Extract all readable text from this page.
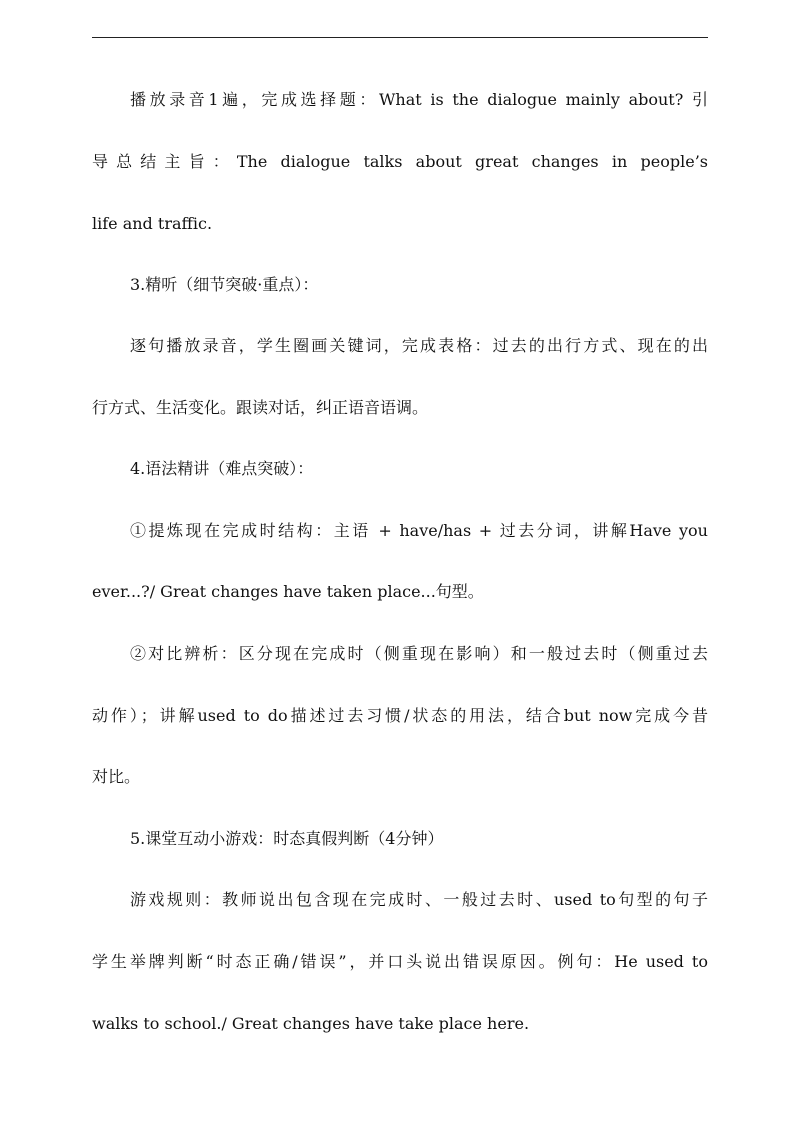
播放录音1遍，完成选择题：What is the dialogue mainly about? 引
导总结主旨：The dialogue talks about great changes in people’s
life and traffic.
3.精听（细节突破·重点）：
逐句播放录音，学生圈画关键词，完成表格：过去的出行方式、现在的出
行方式、生活变化。跟读对话，纠正语音语调。
4.语法精讲（难点突破）：
①提炼现在完成时结构：主语 + have/has + 过去分词，讲解Have you
ever...?/ Great changes have taken place...句型。
②对比辨析：区分现在完成时（侧重现在影响）和一般过去时（侧重过去
动作）；讲解used to do描述过去习惯/状态的用法，结合but now完成今昔
对比。
5.课堂互动小游戏：时态真假判断（4分钟）
游戏规则：教师说出包含现在完成时、一般过去时、used to句型的句子
学生举牌判断“时态正确/错误”，并口头说出错误原因。例句：He used to
walks to school./ Great changes have take place here.
